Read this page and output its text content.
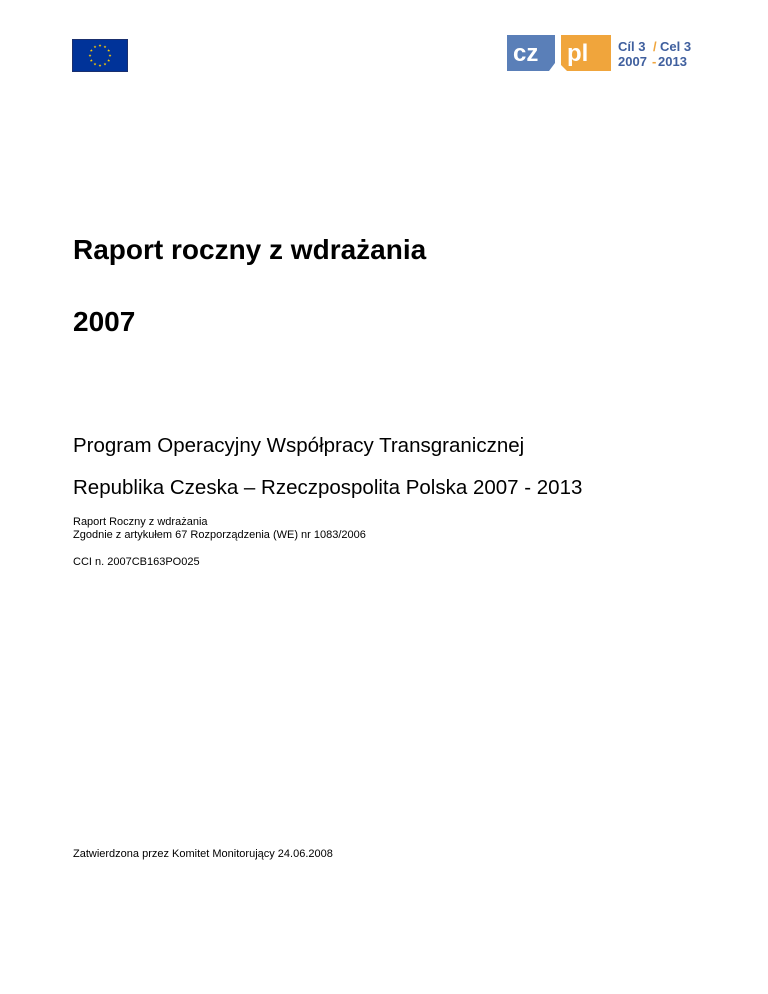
cz pl Cíl 3 / Cel 3
2007 - 2013
Raport roczny z wdrażania
2007
Program Operacyjny Współpracy Transgranicznej
Republika Czeska – Rzeczpospolita Polska 2007 - 2013
Raport Roczny z wdrażania
Zgodnie z artykułem 67 Rozporządzenia (WE) nr 1083/2006
CCI n. 2007CB163PO025
Zatwierdzona przez Komitet Monitorujący 24.06.2008
